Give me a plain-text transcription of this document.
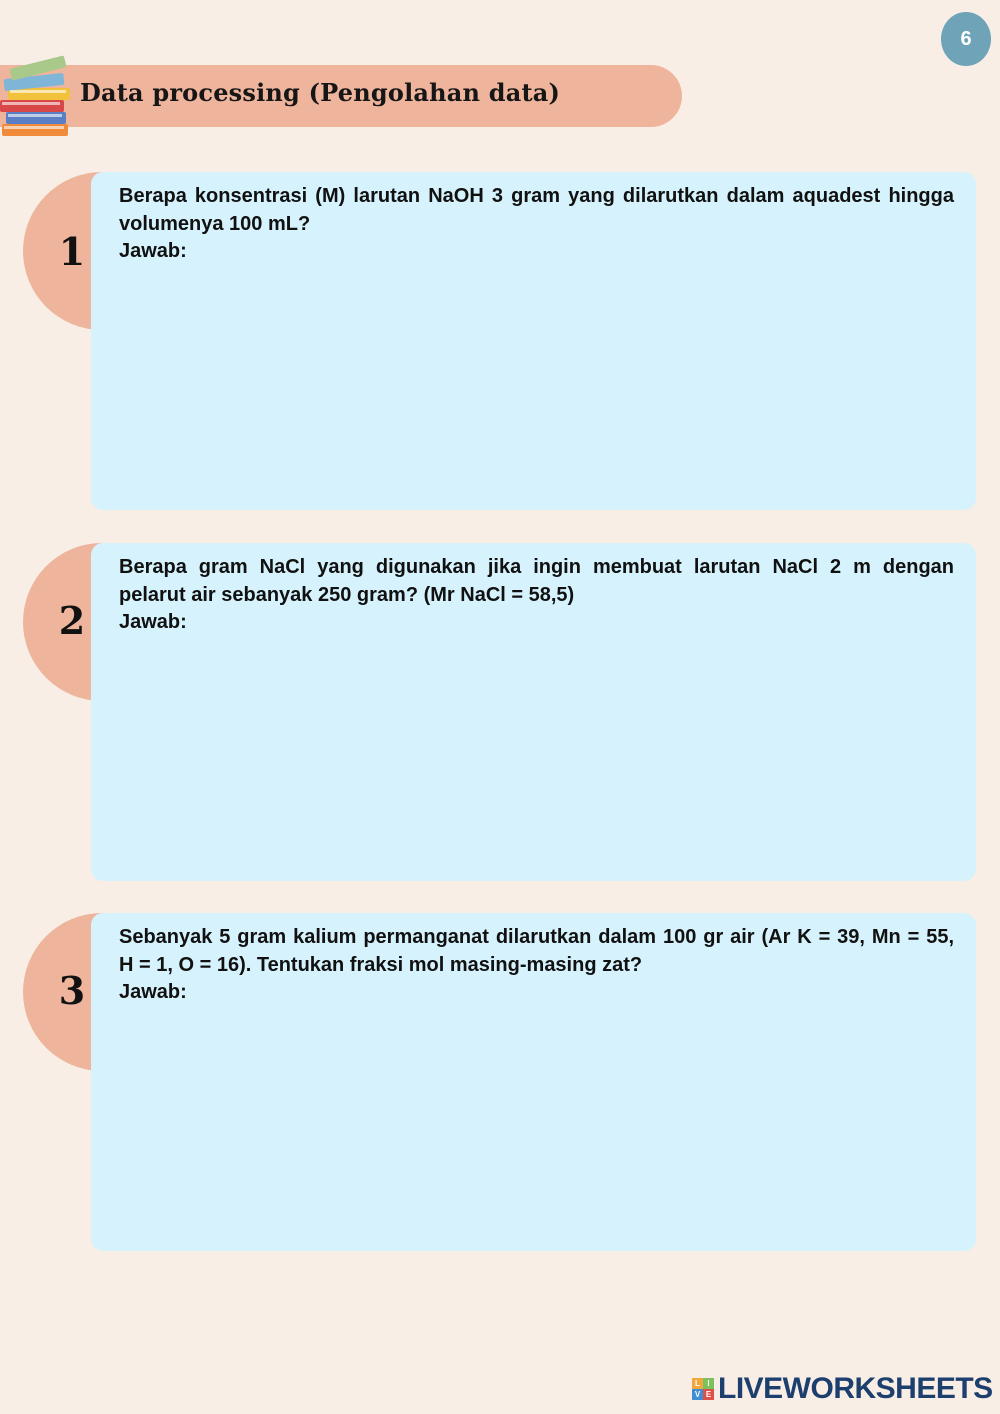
6
Data processing (Pengolahan data)
1
Berapa konsentrasi (M) larutan NaOH 3 gram yang dilarutkan dalam aquadest hingga
volumenya 100 mL?
Jawab:
2
Berapa gram NaCl yang digunakan jika ingin membuat larutan NaCl 2 m dengan
pelarut air sebanyak 250 gram? (Mr NaCl = 58,5)
Jawab:
3
Sebanyak 5 gram kalium permanganat dilarutkan dalam 100 gr air (Ar K = 39, Mn = 55,
H = 1, O = 16). Tentukan fraksi mol masing-masing zat?
Jawab:
L I
V E LIVEWORKSHEETS
